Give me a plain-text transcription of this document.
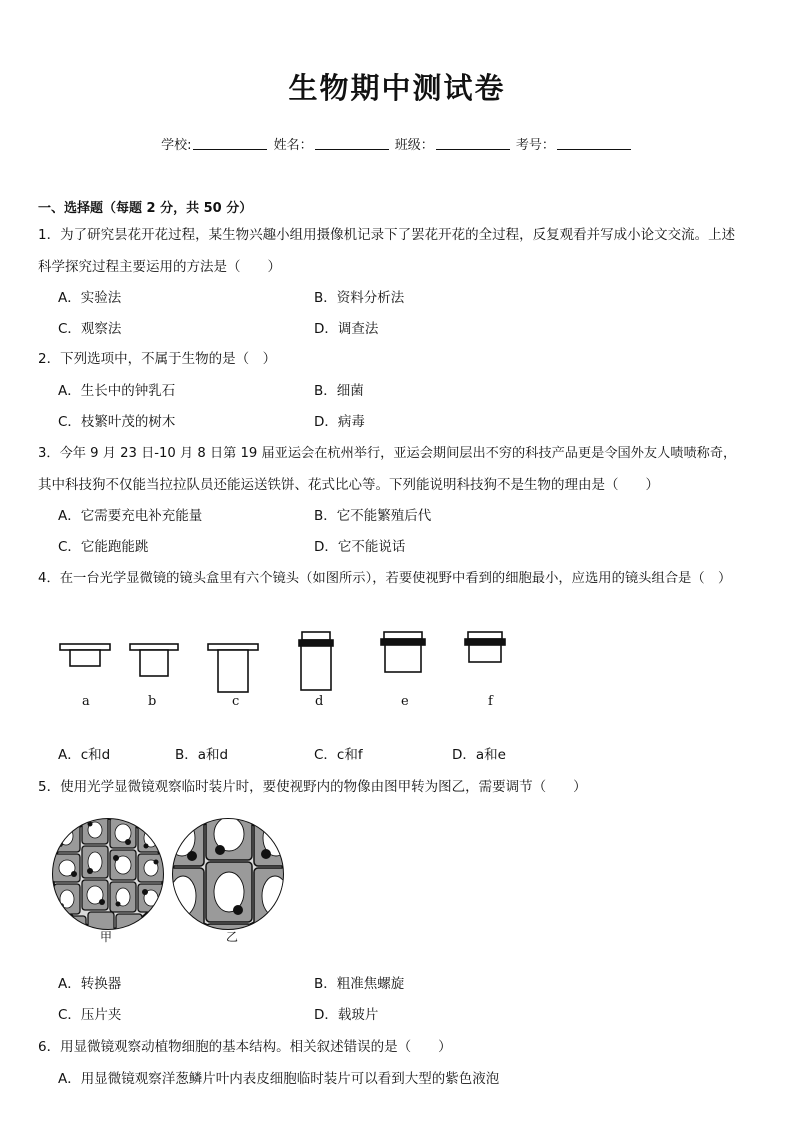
生物期中测试卷
学校:	姓名：	班级：	考号：
一、选择题（每题 2 分，共 50 分）
1．为了研究昙花开花过程，某生物兴趣小组用摄像机记录下了罢花开花的全过程，反复观看并写成小论文交流。上述
科学探究过程主要运用的方法是（　　）
A．实验法	B．资料分析法
C．观察法	D．调查法
2．下列选项中，不属于生物的是（　）
A．生长中的钟乳石	B．细菌
C．枝繁叶茂的树木	D．病毒
3．今年 9 月 23 日-10 月 8 日第 19 届亚运会在杭州举行，亚运会期间层出不穷的科技产品更是令国外友人啧啧称奇，
其中科技狗不仅能当拉拉队员还能运送铁饼、花式比心等。下列能说明科技狗不是生物的理由是（　　）
A．它需要充电补充能量	B．它不能繁殖后代
C．它能跑能跳	D．它不能说话
4．在一台光学显微镜的镜头盒里有六个镜头（如图所示），若要使视野中看到的细胞最小，应选用的镜头组合是（　）
a	b	c	d	e	f
A．c和d	B．a和d	C．c和f	D．a和e
5．使用光学显微镜观察临时装片时，要使视野内的物像由图甲转为图乙，需要调节（　　）
甲	乙
A．转换器	B．粗准焦螺旋
C．压片夹	D．载玻片
6．用显微镜观察动植物细胞的基本结构。相关叙述错误的是（　　）
A．用显微镜观察洋葱鳞片叶内表皮细胞临时装片可以看到大型的紫色液泡
